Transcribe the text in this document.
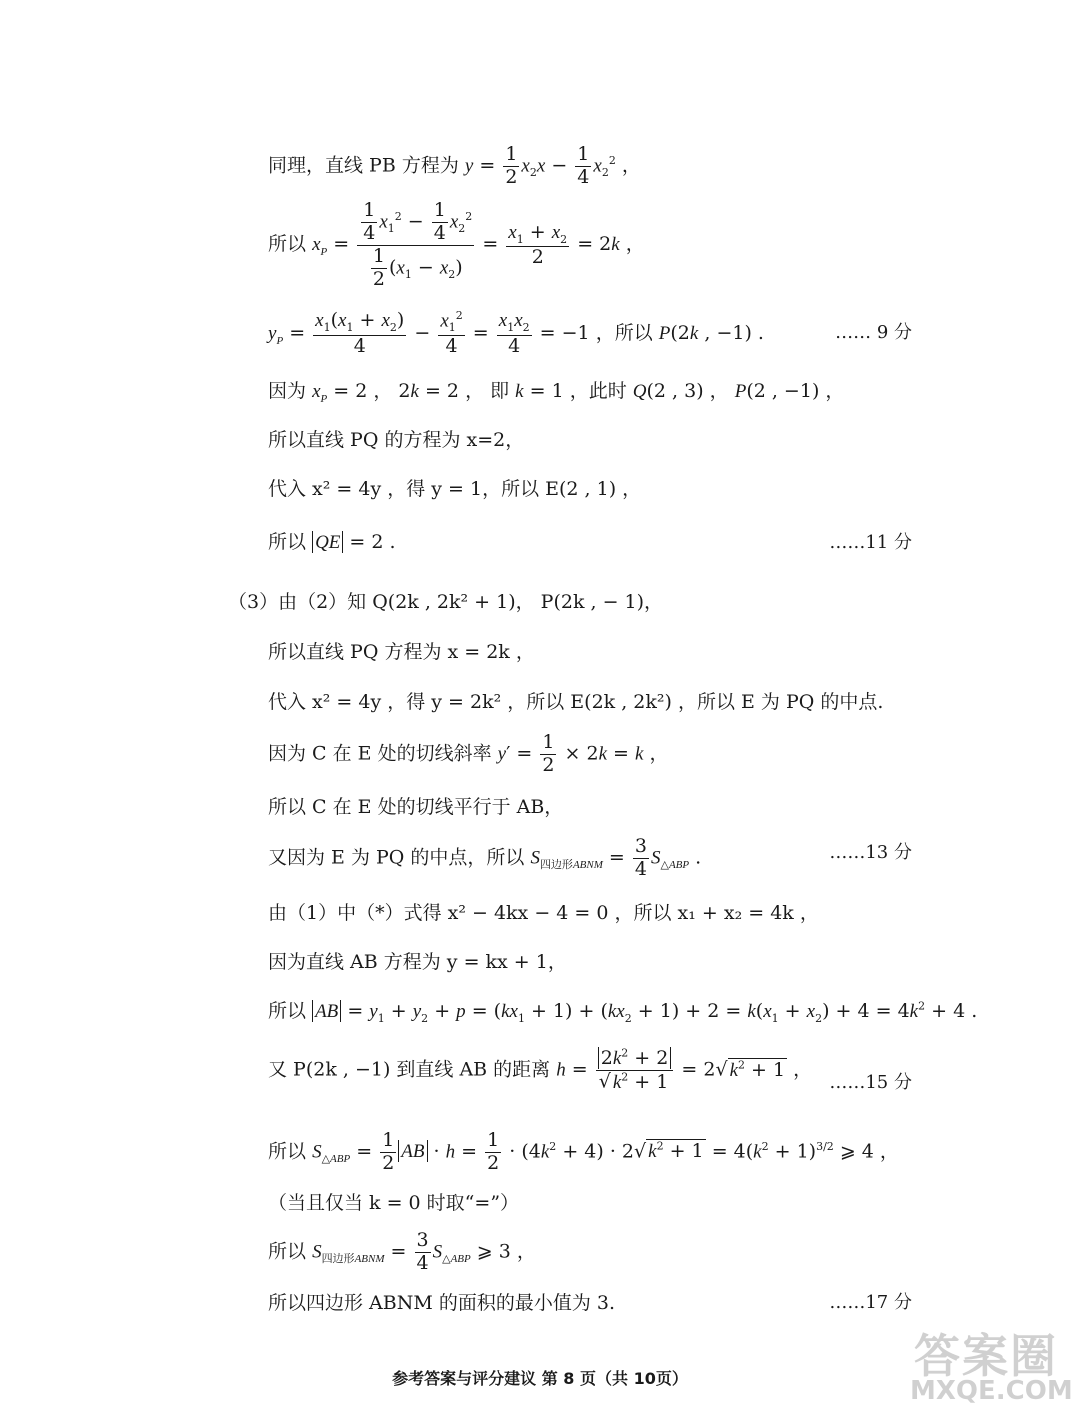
同理，直线 PB 方程为 $y = \frac{1}{2} x_2x - \frac{1}{4} x_2^2$ ，
所以 $x_P = \frac{\frac{1}{4} x_1^2 - \frac{1}{4} x_2^2}{\frac{1}{2} (x_1 - x_2)} = \frac{x_1 + x_2}{2} = 2k$ ，
$y_P = \frac{x_1(x_1 + x_2)}{4} - \frac{x_1^2}{4} = \frac{x_1x_2}{4} = -1$ ，所以 P(2k , −1) .	…… 9 分
因为 $x_P = 2$ ， 2k = 2 ， 即 k = 1 ，此时 Q(2 , 3) ， P(2 , −1) ，
所以直线 PQ 的方程为 x=2，
代入 x² = 4y ，得 y = 1，所以 E(2 , 1) ，
所以 QE = 2 .	……11 分
（3）由（2）知 Q(2k , 2k² + 1)， P(2k , − 1)，
所以直线 PQ 方程为 x = 2k ，
代入 x² = 4y ，得 y = 2k² ，所以 E(2k , 2k²) ，所以 E 为 PQ 的中点.
因为 C 在 E 处的切线斜率 $y' = \frac{1}{2} \times 2k = k$ ，
所以 C 在 E 处的切线平行于 AB，
又因为 E 为 PQ 的中点，所以 $S_{四边形ABNM} = \frac{3}{4} S_{\triangle ABP}$ .	……13 分
由（1）中（*）式得 x² − 4kx − 4 = 0 ，所以 x₁ + x₂ = 4k ，
因为直线 AB 方程为 y = kx + 1，
所以 AB = $y_1 + y_2 + p = (kx_1 + 1) + (kx_2 + 1) + 2 = k(x_1 + x_2) + 4 = 4k^2 + 4$ .
又 P(2k , −1) 到直线 AB 的距离 $h = \frac{2k^2 + 2}{√ k^2 + 1} = 2√$ $k^2 + 1$ ，
……15 分
所以 $S_{\triangle ABP} = \frac{1}{2}$ AB · $h = \frac{1}{2} \cdot (4k^2 + 4) \cdot 2√$ $k^2 + 1 = 4(k^2 + 1)^{3/2}$ ⩾ 4 ，
（当且仅当 k = 0 时取“=”）
所以 $S_{四边形ABNM} = \frac{3}{4} S_{\triangle ABP}$ ⩾ 3 ，
所以四边形 ABNM 的面积的最小值为 3.	……17 分
参考答案与评分建议 第 8 页（共 10页）	答案圈
MXQE.COM
